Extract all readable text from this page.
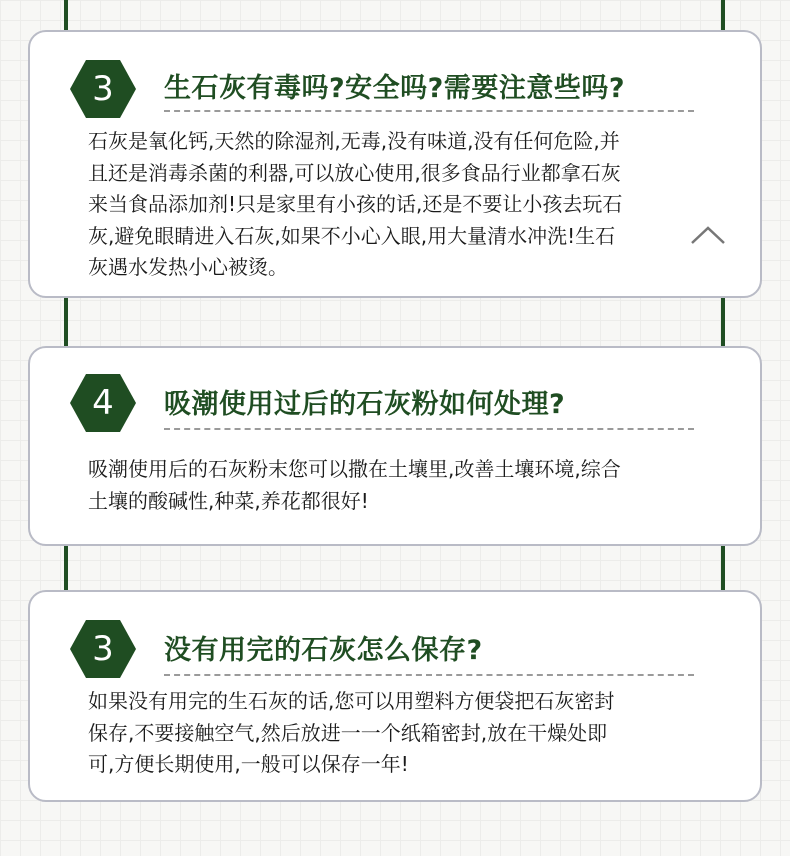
3 生石灰有毒吗?安全吗?需要注意些吗?
石灰是氧化钙,天然的除湿剂,无毒,没有味道,没有任何危险,并
且还是消毒杀菌的利器,可以放心使用,很多食品行业都拿石灰
来当食品添加剂!只是家里有小孩的话,还是不要让小孩去玩石
灰,避免眼睛进入石灰,如果不小心入眼,用大量清水冲洗!生石
灰遇水发热小心被烫。
4 吸潮使用过后的石灰粉如何处理?
吸潮使用后的石灰粉末您可以撒在土壤里,改善土壤环境,综合
土壤的酸碱性,种菜,养花都很好!
3 没有用完的石灰怎么保存?
如果没有用完的生石灰的话,您可以用塑料方便袋把石灰密封
保存,不要接触空气,然后放进一一个纸箱密封,放在干燥处即
可,方便长期使用,一般可以保存一年!
